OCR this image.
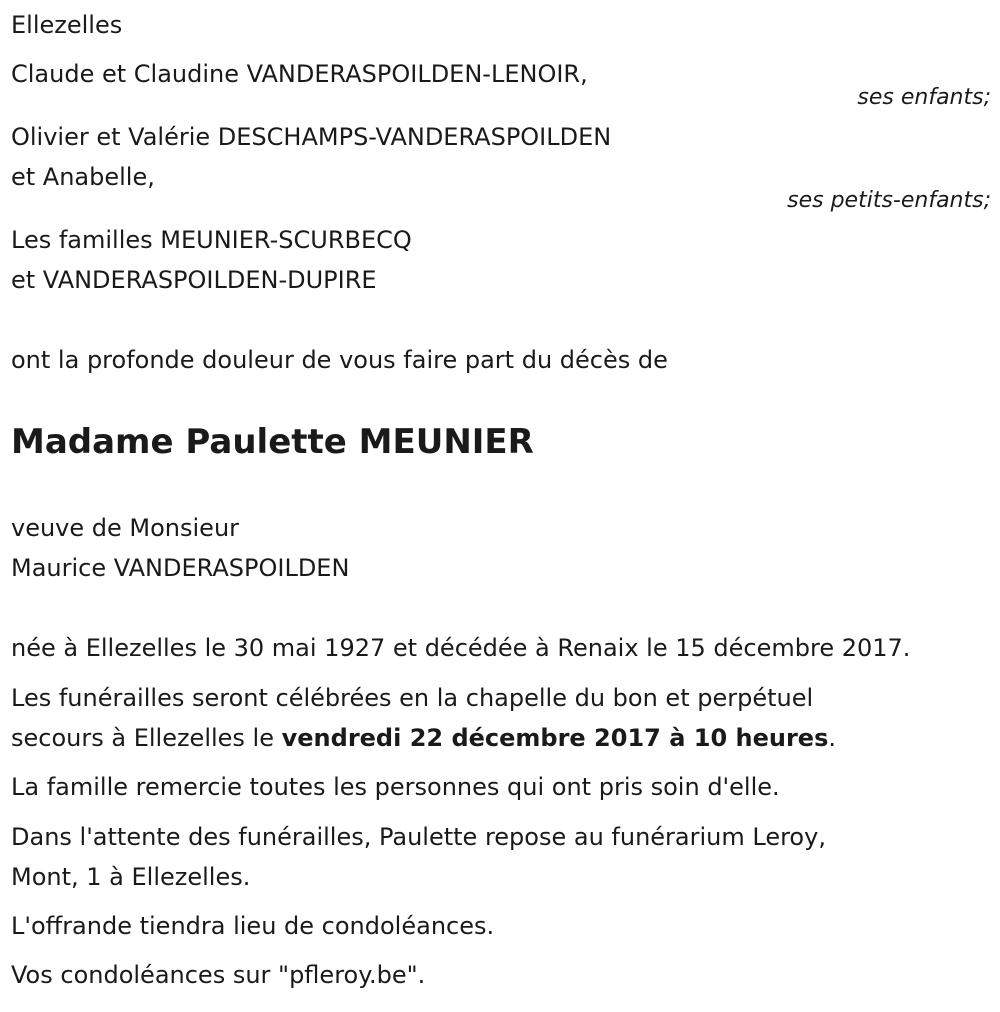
Ellezelles
Claude et Claudine VANDERASPOILDEN-LENOIR,
ses enfants;
Olivier et Valérie DESCHAMPS-VANDERASPOILDEN
et Anabelle,
ses petits-enfants;
Les familles MEUNIER-SCURBECQ
et VANDERASPOILDEN-DUPIRE
ont la profonde douleur de vous faire part du décès de
Madame Paulette MEUNIER
veuve de Monsieur
Maurice VANDERASPOILDEN
née à Ellezelles le 30 mai 1927 et décédée à Renaix le 15 décembre 2017.
Les funérailles seront célébrées en la chapelle du bon et perpétuel
secours à Ellezelles le vendredi 22 décembre 2017 à 10 heures.
La famille remercie toutes les personnes qui ont pris soin d'elle.
Dans l'attente des funérailles, Paulette repose au funérarium Leroy,
Mont, 1 à Ellezelles.
L'offrande tiendra lieu de condoléances.
Vos condoléances sur "pfleroy.be".
